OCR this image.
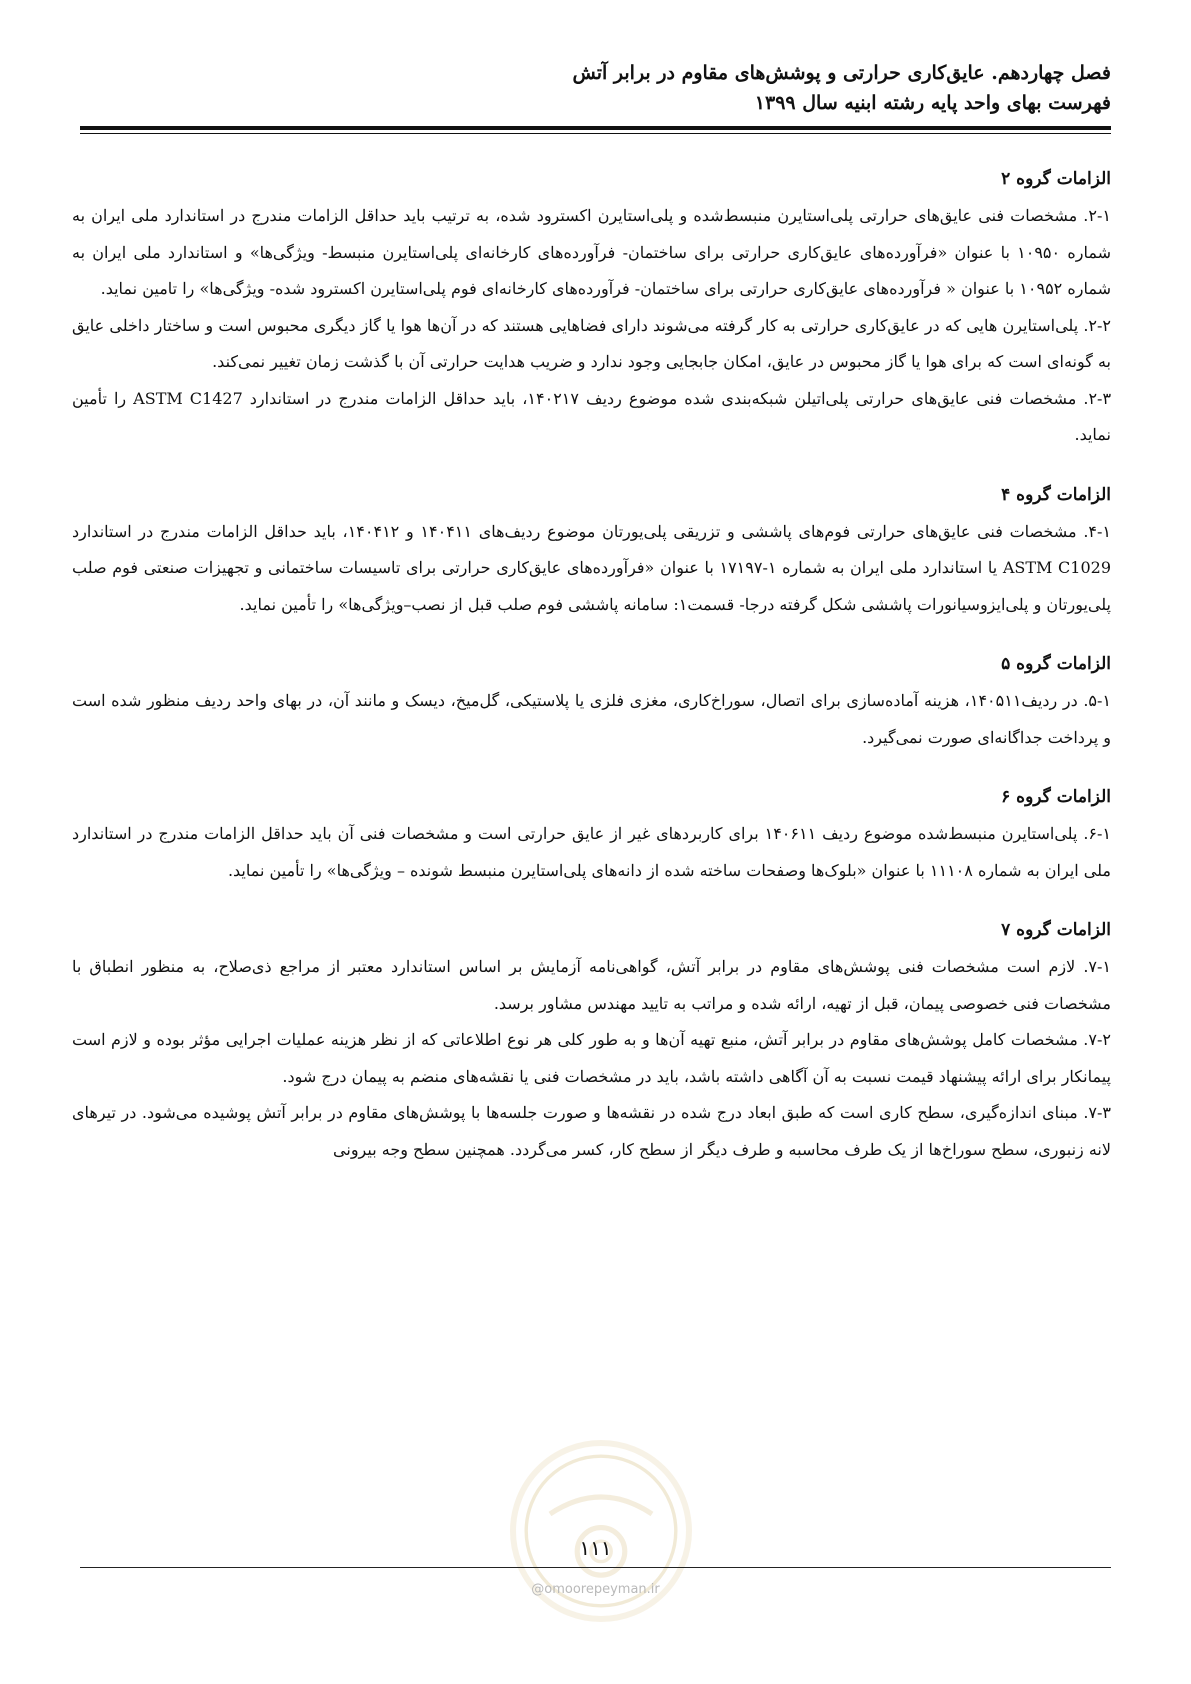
فصل چهاردهم. عایق‌کاری حرارتی و پوشش‌های مقاوم در برابر آتش
فهرست بهای واحد پایه رشته ابنیه سال ۱۳۹۹
الزامات گروه ۲

۲-۱. مشخصات فنی عایق‌های حرارتی پلی‌استایرن منبسط‌شده و پلی‌استایرن اکسترود شده، به ترتیب باید حداقل الزامات مندرج در استاندارد ملی ایران به شماره ۱۰۹۵۰ با عنوان «فرآورده‌های عایق‌کاری حرارتی برای ساختمان- فرآورده‌های کارخانه‌ای پلی‌استایرن منبسط- ویژگی‌ها» و استاندارد ملی ایران به شماره ۱۰۹۵۲ با عنوان « فرآورده‌های عایق‌کاری حرارتی برای ساختمان- فرآورده‌های کارخانه‌ای فوم پلی‌استایرن اکسترود شده- ویژگی‌ها» را تامین نماید.

۲-۲. پلی‌استایرن هایی که در عایق‌کاری حرارتی به کار گرفته می‌شوند دارای فضاهایی هستند که در آن‌ها هوا یا گاز دیگری محبوس است و ساختار داخلی عایق به گونه‌ای است که برای هوا یا گاز محبوس در عایق، امکان جابجایی وجود ندارد و ضریب هدایت حرارتی آن با گذشت زمان تغییر نمی‌کند.

۲-۳. مشخصات فنی عایق‌های حرارتی پلی‌اتیلن شبکه‌بندی شده موضوع ردیف ۱۴۰۲۱۷، باید حداقل الزامات مندرج در استاندارد ASTM C1427 را تأمین نماید.

الزامات گروه ۴

۴-۱. مشخصات فنی عایق‌های حرارتی فوم‌های پاششی و تزریقی پلی‌یورتان موضوع ردیف‌های ۱۴۰۴۱۱ و ۱۴۰۴۱۲، باید حداقل الزامات مندرج در استاندارد ASTM C1029 یا استاندارد ملی ایران به شماره ۱-۱۷۱۹۷ با عنوان «فرآورده‌های عایق‌کاری حرارتی برای تاسیسات ساختمانی و تجهیزات صنعتی فوم صلب پلی‌یورتان و پلی‌ایزوسیانورات پاششی شکل گرفته درجا- قسمت۱: سامانه پاششی فوم صلب قبل از نصب–ویژگی‌ها» را تأمین نماید.

الزامات گروه ۵

۵-۱. در ردیف۱۴۰۵۱۱، هزینه آماده‌سازی برای اتصال، سوراخ‌کاری، مغزی فلزی یا پلاستیکی، گل‌میخ، دیسک و مانند آن، در بهای واحد ردیف منظور شده است و پرداخت جداگانه‌ای صورت نمی‌گیرد.

الزامات گروه ۶

۶-۱. پلی‌استایرن منبسط‌شده موضوع ردیف ۱۴۰۶۱۱ برای کاربردهای غیر از عایق حرارتی است و مشخصات فنی آن باید حداقل الزامات مندرج در استاندارد ملی ایران به شماره ۱۱۱۰۸ با عنوان «بلوک‌ها وصفحات ساخته شده از دانه‌های پلی‌استایرن منبسط شونده – ویژگی‌ها» را تأمین نماید.

الزامات گروه ۷

۷-۱. لازم است مشخصات فنی پوشش‌های مقاوم در برابر آتش، گواهی‌نامه آزمایش بر اساس استاندارد معتبر از مراجع ذی‌صلاح، به منظور انطباق با مشخصات فنی خصوصی پیمان، قبل از تهیه، ارائه شده و مراتب به تایید مهندس مشاور برسد.

۷-۲. مشخصات کامل پوشش‌های مقاوم در برابر آتش، منبع تهیه آن‌ها و به طور کلی هر نوع اطلاعاتی که از نظر هزینه عملیات اجرایی مؤثر بوده و لازم است پیمانکار برای ارائه پیشنهاد قیمت نسبت به آن آگاهی داشته باشد، باید در مشخصات فنی یا نقشه‌های منضم به پیمان درج شود.

۷-۳. مبنای اندازه‌گیری، سطح کاری است که طبق ابعاد درج شده در نقشه‌ها و صورت جلسه‌ها با پوشش‌های مقاوم در برابر آتش پوشیده می‌شود. در تیرهای لانه زنبوری، سطح سوراخ‌ها از یک طرف محاسبه و طرف دیگر از سطح کار، کسر می‌گردد. همچنین سطح وجه بیرونی

۱۱۱
@omoorepeyman.ir
